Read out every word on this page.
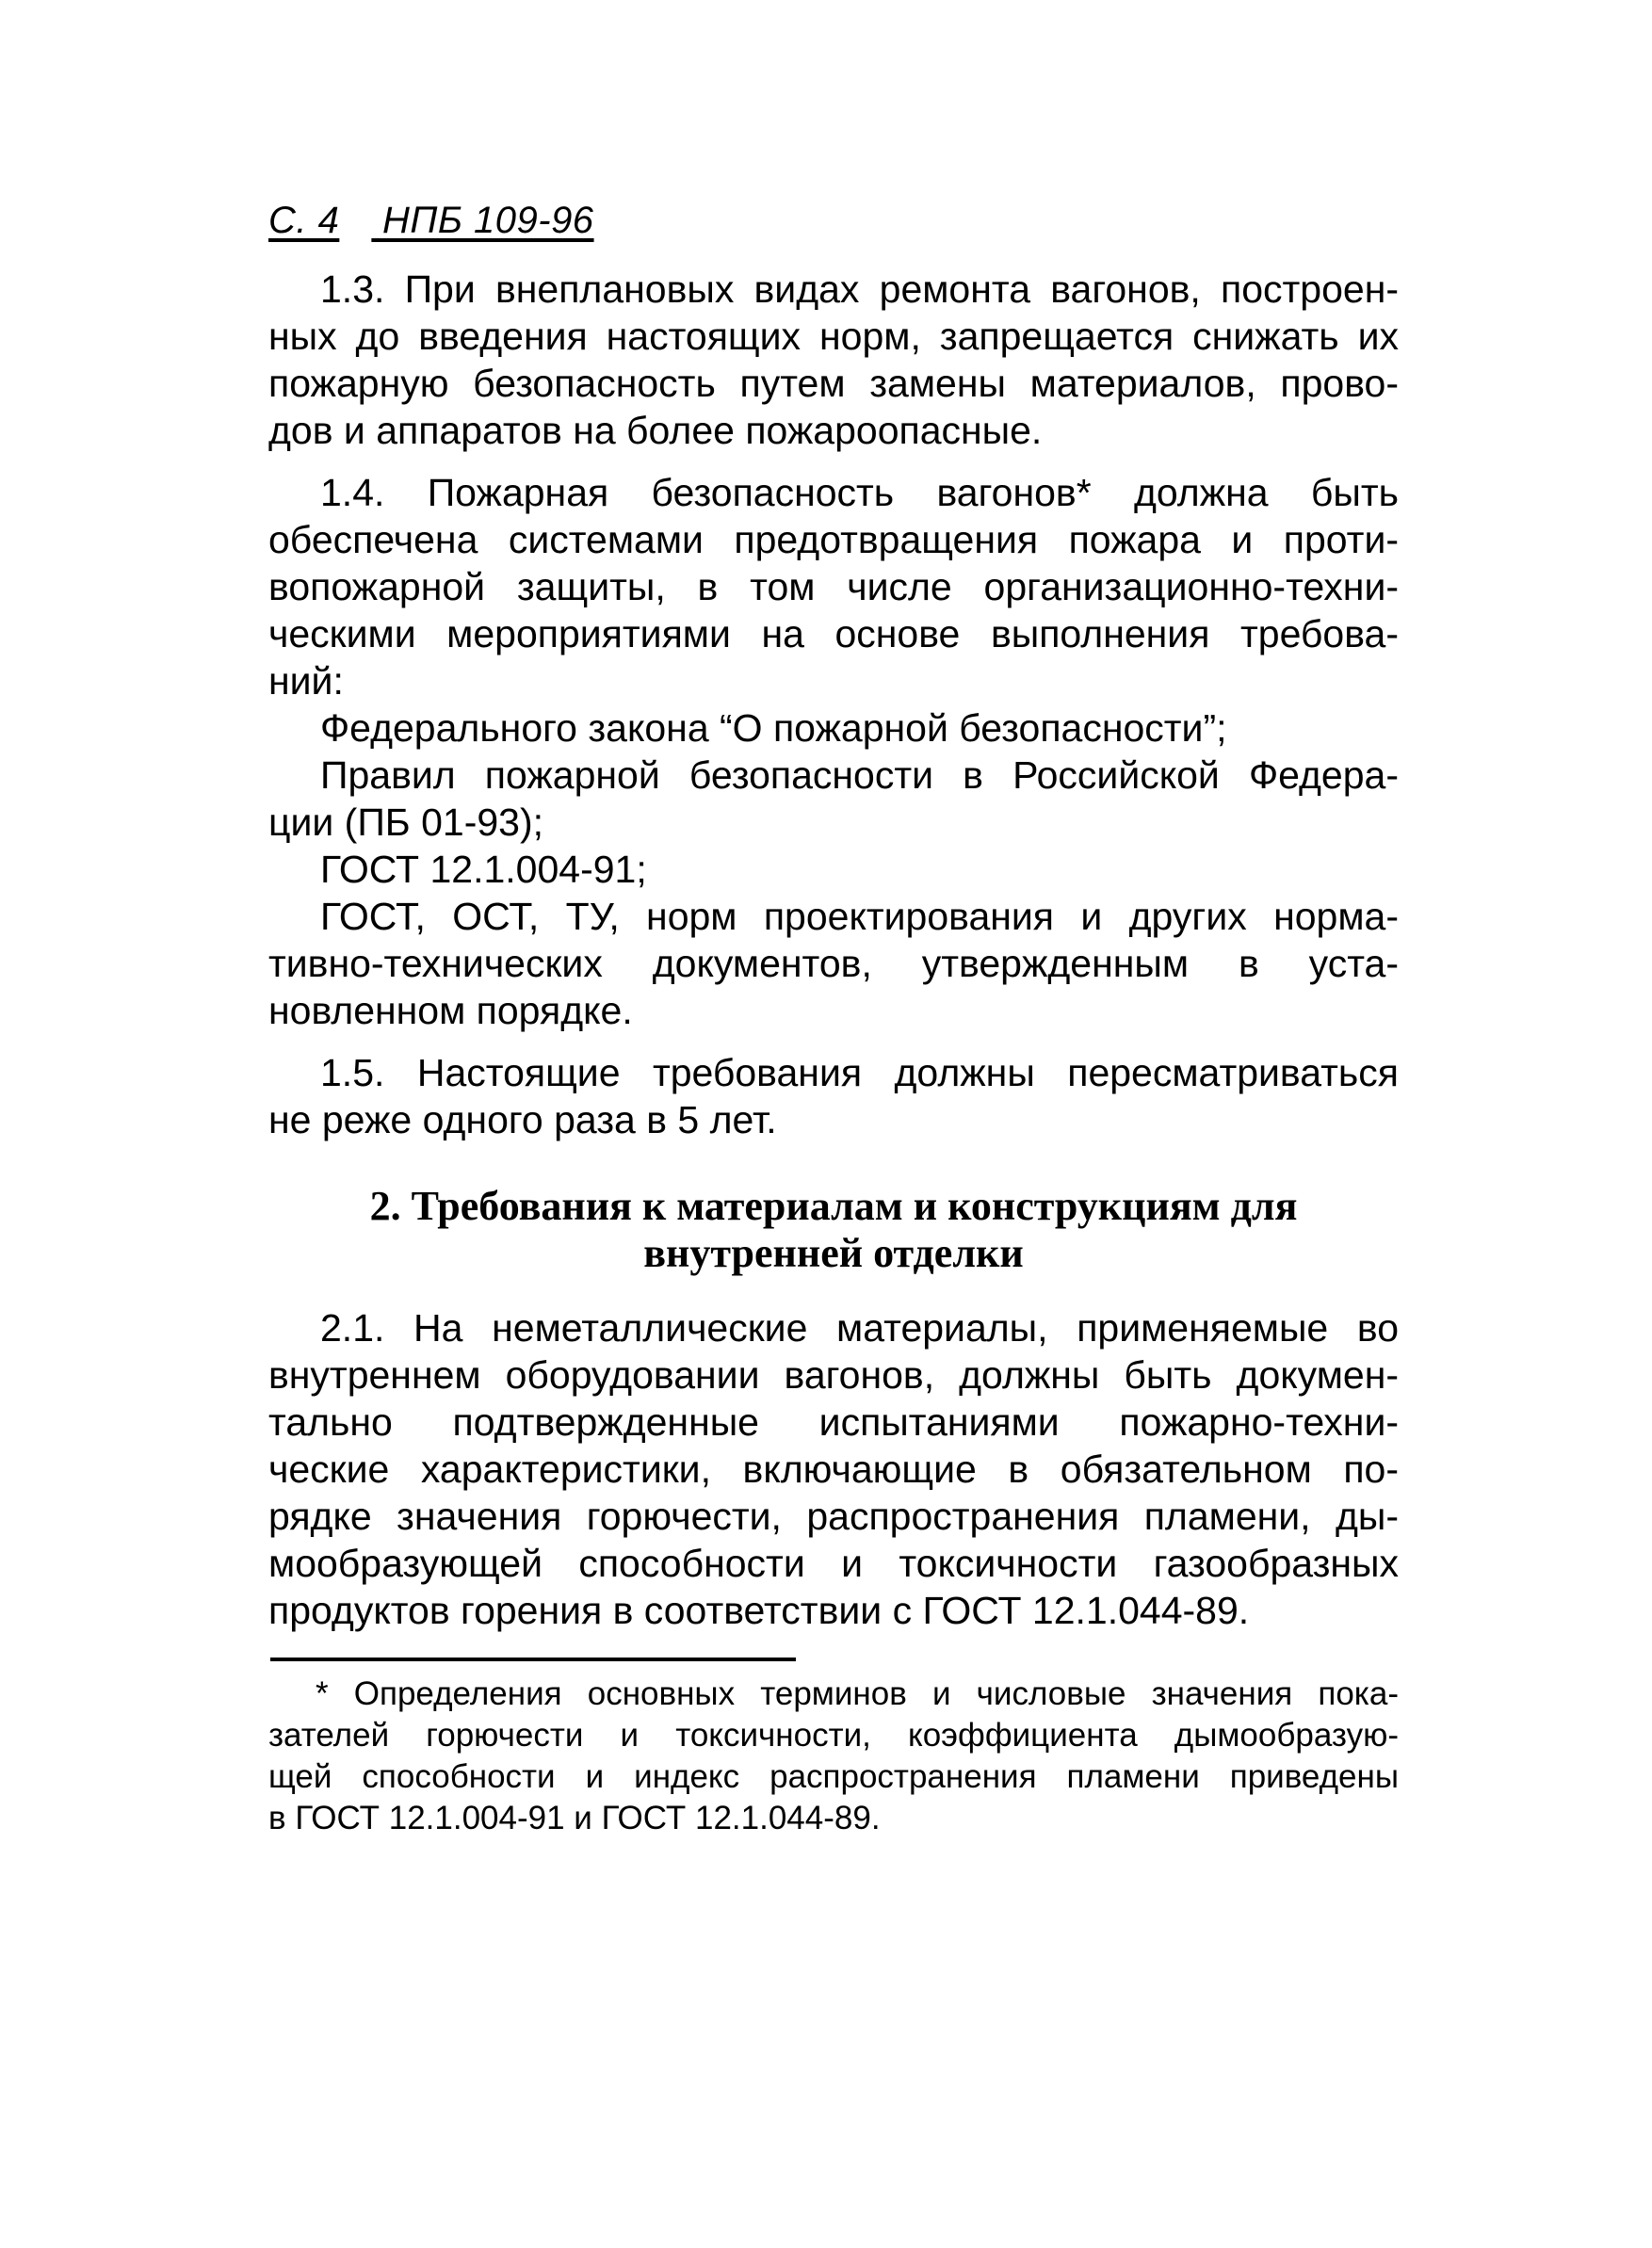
С. 4 НПБ 109-96
1.3. При внеплановых видах ремонта вагонов, построен-
ных до введения настоящих норм, запрещается снижать их
пожарную безопасность путем замены материалов, прово-
дов и аппаратов на более пожароопасные.
1.4. Пожарная безопасность вагонов* должна быть
обеспечена системами предотвращения пожара и проти-
вопожарной защиты, в том числе организационно-техни-
ческими мероприятиями на основе выполнения требова-
ний:
Федерального закона “О пожарной безопасности”;
Правил пожарной безопасности в Российской Федера-
ции (ПБ 01-93);
ГОСТ 12.1.004-91;
ГОСТ, ОСТ, ТУ, норм проектирования и других норма-
тивно-технических документов, утвержденным в уста-
новленном порядке.
1.5. Настоящие требования должны пересматриваться
не реже одного раза в 5 лет.
2. Требования к материалам и конструкциям для
внутренней отделки
2.1. На неметаллические материалы, применяемые во
внутреннем оборудовании вагонов, должны быть докумен-
тально подтвержденные испытаниями пожарно-техни-
ческие характеристики, включающие в обязательном по-
рядке значения горючести, распространения пламени, ды-
мообразующей способности и токсичности газообразных
продуктов горения в соответствии с ГОСТ 12.1.044-89.
* Определения основных терминов и числовые значения пока-
зателей горючести и токсичности, коэффициента дымообразую-
щей способности и индекс распространения пламени приведены
в ГОСТ 12.1.004-91 и ГОСТ 12.1.044-89.
